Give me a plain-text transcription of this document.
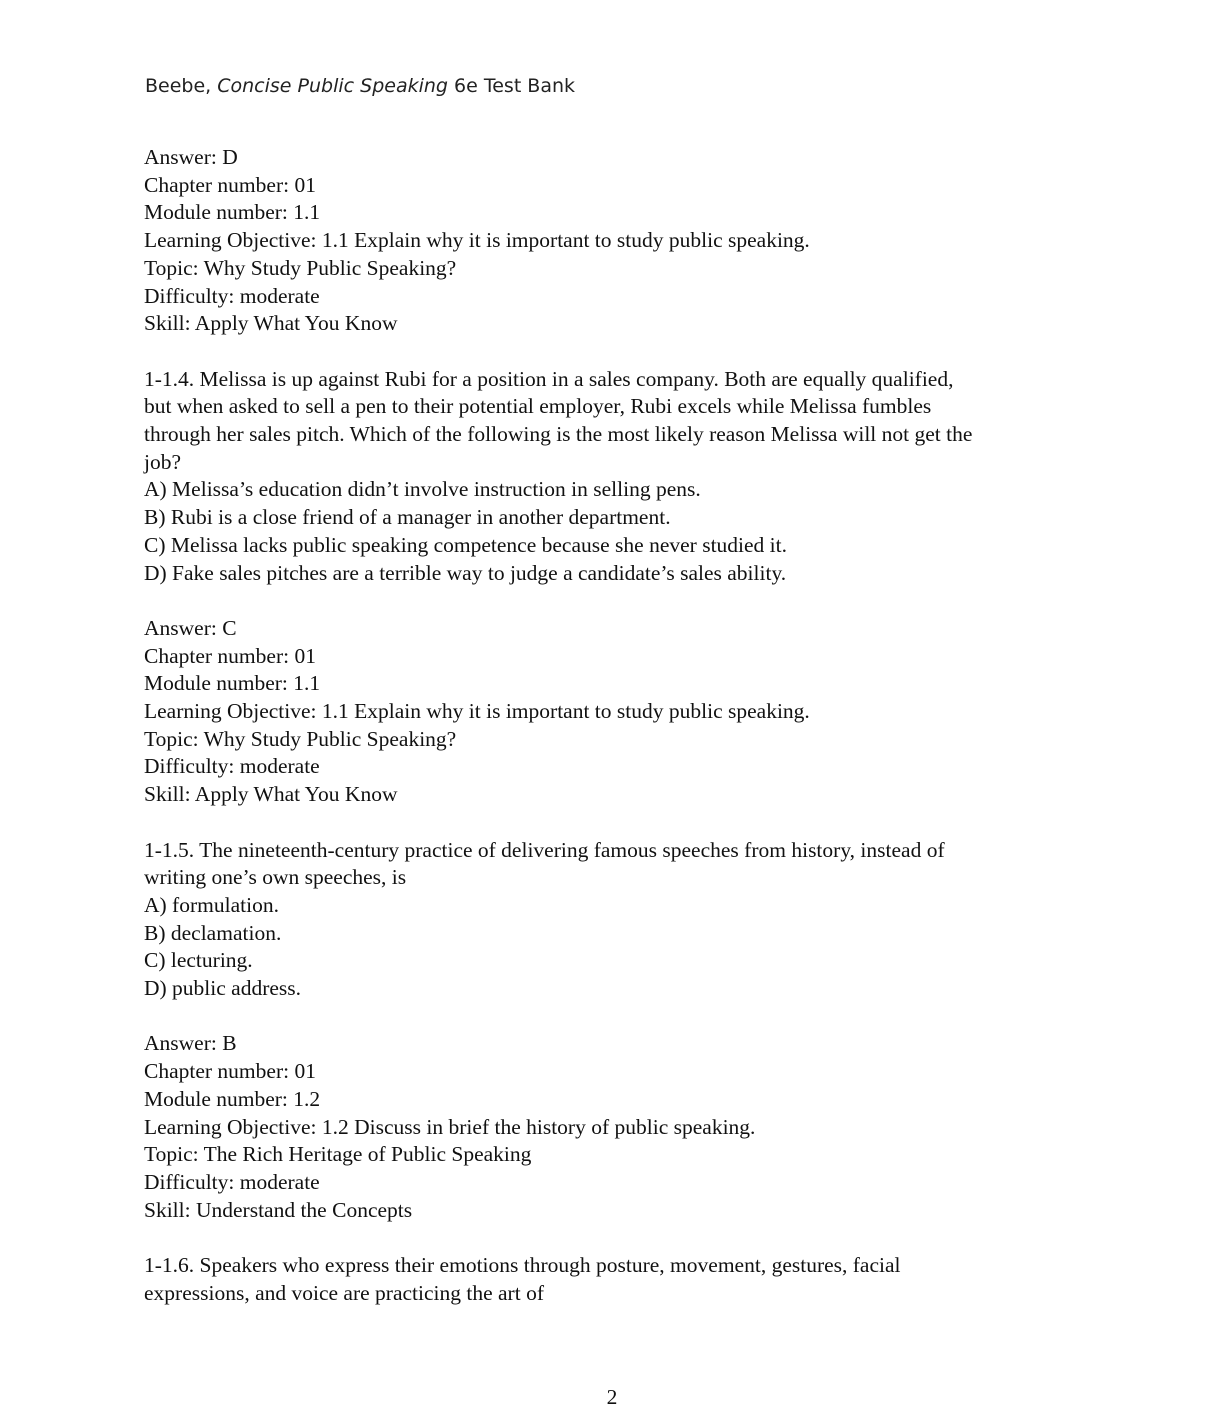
Beebe, Concise Public Speaking 6e Test Bank
Answer: D
Chapter number: 01
Module number: 1.1
Learning Objective: 1.1 Explain why it is important to study public speaking.
Topic: Why Study Public Speaking?
Difficulty: moderate
Skill: Apply What You Know
1-1.4. Melissa is up against Rubi for a position in a sales company. Both are equally qualified,
but when asked to sell a pen to their potential employer, Rubi excels while Melissa fumbles
through her sales pitch. Which of the following is the most likely reason Melissa will not get the
job?
A) Melissa’s education didn’t involve instruction in selling pens.
B) Rubi is a close friend of a manager in another department.
C) Melissa lacks public speaking competence because she never studied it.
D) Fake sales pitches are a terrible way to judge a candidate’s sales ability.
Answer: C
Chapter number: 01
Module number: 1.1
Learning Objective: 1.1 Explain why it is important to study public speaking.
Topic: Why Study Public Speaking?
Difficulty: moderate
Skill: Apply What You Know
1-1.5. The nineteenth-century practice of delivering famous speeches from history, instead of
writing one’s own speeches, is
A) formulation.
B) declamation.
C) lecturing.
D) public address.
Answer: B
Chapter number: 01
Module number: 1.2
Learning Objective: 1.2 Discuss in brief the history of public speaking.
Topic: The Rich Heritage of Public Speaking
Difficulty: moderate
Skill: Understand the Concepts
1-1.6. Speakers who express their emotions through posture, movement, gestures, facial
expressions, and voice are practicing the art of
2
